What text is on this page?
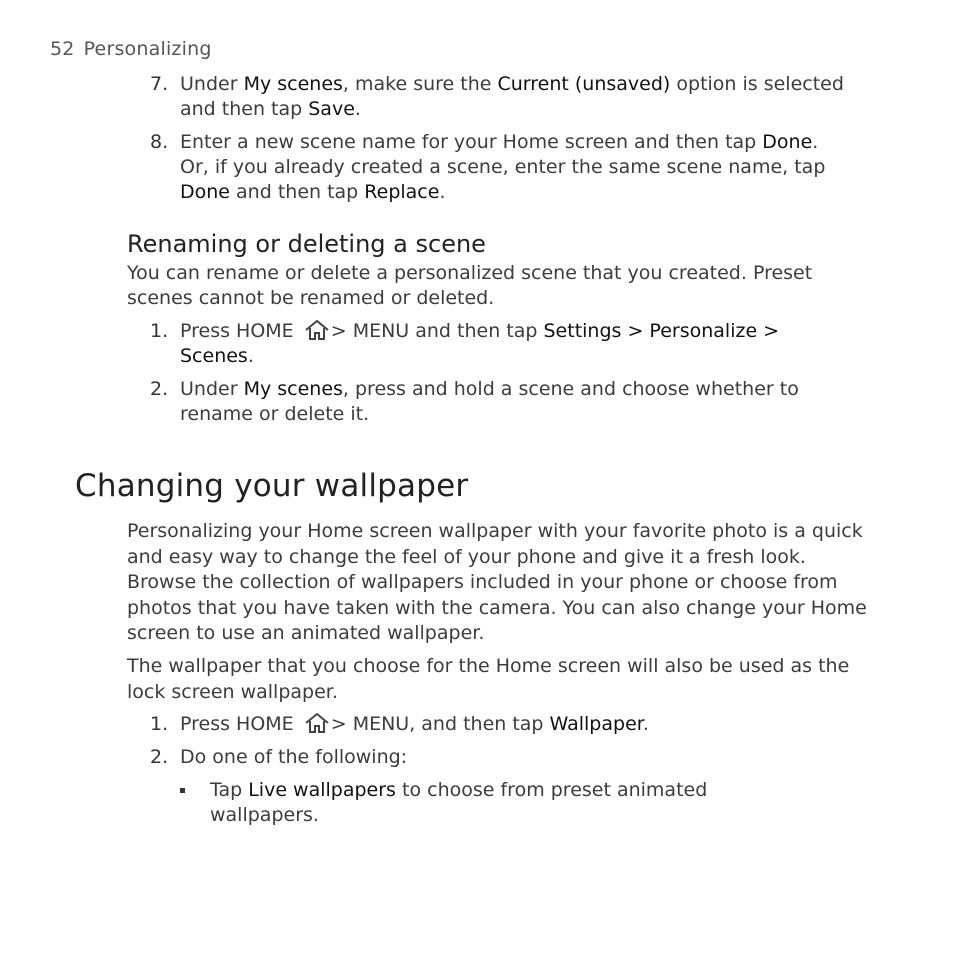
52 Personalizing
7. Under My scenes, make sure the Current (unsaved) option is selected and then tap Save.
8. Enter a new scene name for your Home screen and then tap Done. Or, if you already created a scene, enter the same scene name, tap Done and then tap Replace.
Renaming or deleting a scene
You can rename or delete a personalized scene that you created. Preset scenes cannot be renamed or deleted.
1. Press HOME > MENU and then tap Settings > Personalize > Scenes.
2. Under My scenes, press and hold a scene and choose whether to rename or delete it.
Changing your wallpaper
Personalizing your Home screen wallpaper with your favorite photo is a quick and easy way to change the feel of your phone and give it a fresh look. Browse the collection of wallpapers included in your phone or choose from photos that you have taken with the camera. You can also change your Home screen to use an animated wallpaper.
The wallpaper that you choose for the Home screen will also be used as the lock screen wallpaper.
1. Press HOME > MENU, and then tap Wallpaper.
2. Do one of the following:
Tap Live wallpapers to choose from preset animated wallpapers.
